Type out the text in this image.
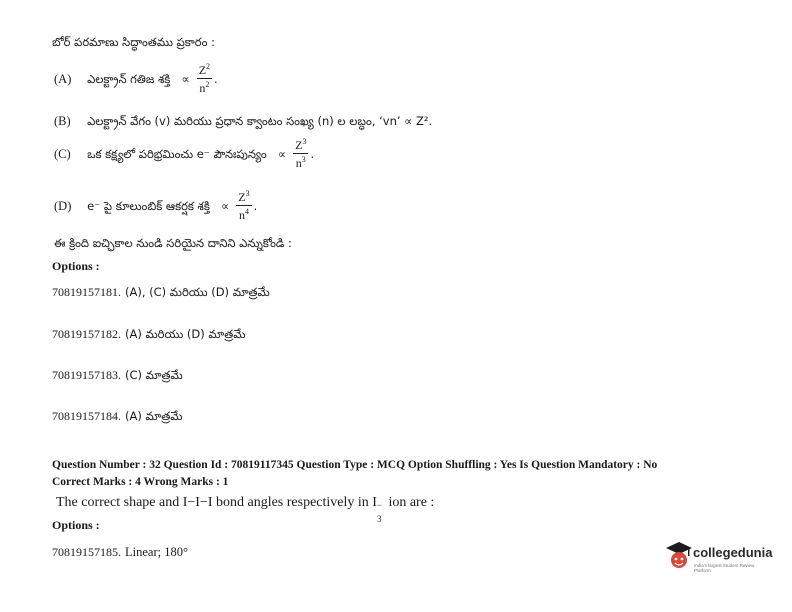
బోర్ పరమాణు సిద్ధాంతము ప్రకారం :
(A) ఎలక్ట్రాన్ గతిజ శక్తి ∝ $\frac{Z^2}{n^2}$ .
(B) ఎలక్ట్రాన్ వేగం (v) మరియు ప్రధాన క్వాంటం సంఖ్య (n) ల లబ్ధం, ‘vn’ ∝ Z².
(C) ఒక కక్ష్యలో పరిభ్రమించు e⁻ పౌనఃపున్యం ∝ $\frac{Z^3}{n^3}$ .
(D) e⁻ పై కూలుంబిక్ ఆకర్షక శక్తి ∝ $\frac{Z^3}{n^4}$ .
ఈ క్రింది ఐచ్ఛికాల నుండి సరియైన దానిని ఎన్నుకోండి :
Options :
70819157181. (A), (C) మరియు (D) మాత్రమే
70819157182. (A) మరియు (D) మాత్రమే
70819157183. (C) మాత్రమే
70819157184. (A) మాత్రమే
Question Number : 32 Question Id : 70819117345 Question Type : MCQ Option Shuffling : Yes Is Question Mandatory : No
Correct Marks : 4 Wrong Marks : 1
The correct shape and I−I−I bond angles respectively in I −
3
ion are :
Options :
70819157185. Linear; 180°	collegedunia
India's largest Student Review Platform
